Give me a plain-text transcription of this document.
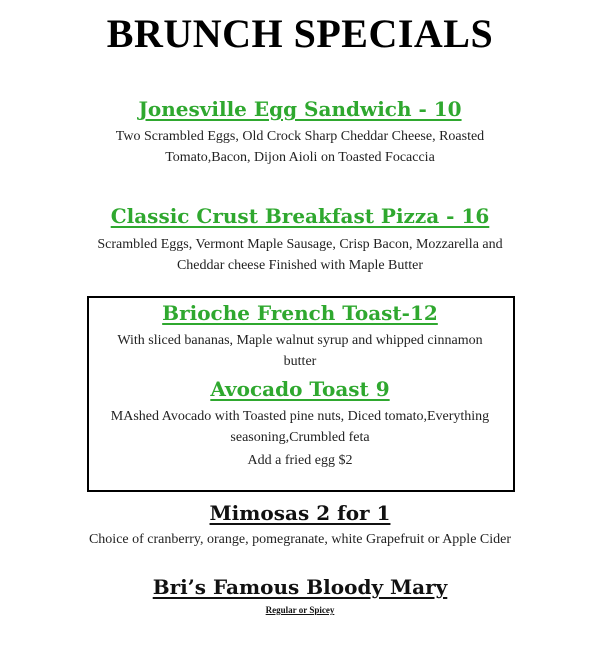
BRUNCH SPECIALS
Jonesville Egg Sandwich - 10
Two Scrambled Eggs, Old Crock Sharp Cheddar Cheese, Roasted Tomato,Bacon, Dijon Aioli on Toasted Focaccia
Classic Crust Breakfast Pizza - 16
Scrambled Eggs, Vermont Maple Sausage, Crisp Bacon, Mozzarella and Cheddar cheese Finished with Maple Butter
Brioche French Toast-12
With sliced bananas, Maple walnut syrup and whipped cinnamon butter
Avocado Toast 9
MAshed Avocado with Toasted pine nuts, Diced tomato,Everything seasoning,Crumbled feta
Add a fried egg $2
Mimosas 2 for 1
Choice of cranberry, orange, pomegranate, white Grapefruit or Apple Cider
Bri’s Famous Bloody Mary
Regular or Spicey
